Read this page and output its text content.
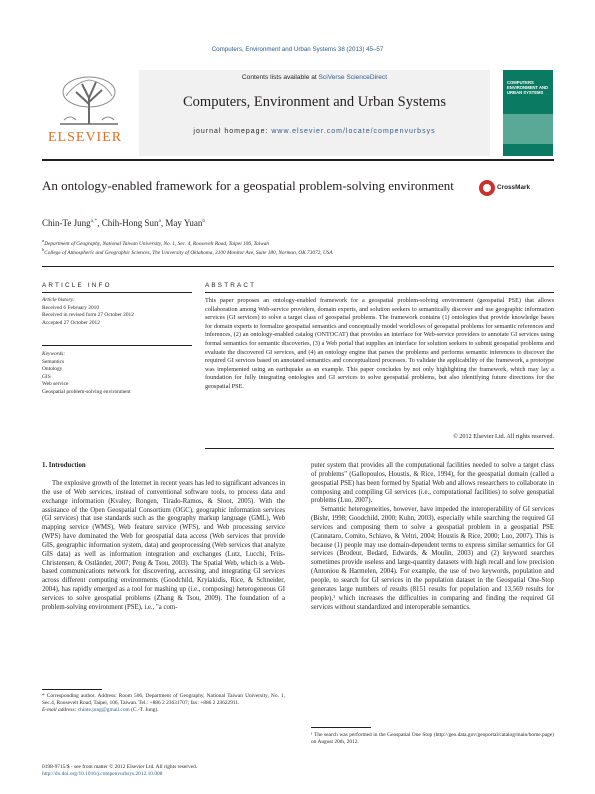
Computers, Environment and Urban Systems 38 (2013) 45–57
ELSEVIER
Contents lists available at SciVerse ScienceDirect
Computers, Environment and Urban Systems
journal homepage: www.elsevier.com/locate/compenvurbsys
COMPUTERS ENVIRONMENT AND URBAN SYSTEMS
An ontology-enabled framework for a geospatial problem-solving environment	CrossMark
Chin-Te Jung$^{a,*}$, Chih-Hong Sun$^a$, May Yuan$^b$
$^a$Department of Geography, National Taiwan University, No. 1, Sec. 4, Roosevelt Road, Taipei 106, Taiwan
$^b$College of Atmospheric and Geographic Sciences, The University of Oklahoma, 3100 Monitor Ave, Suite 180, Norman, OK 73072, USA
ARTICLE INFO	ABSTRACT
Article history:
Received 6 February 2010
Received in revised form 27 October 2012
Accepted 27 October 2012
Keywords:
Semantics
Ontology
GIS
Web service
Geospatial problem-solving environment
This paper proposes an ontology-enabled framework for a geospatial problem-solving environment (geospatial PSE) that allows collaboration among Web-service providers, domain experts, and solution seekers to semantically discover and use geographic information services (GI services) to solve a target class of geospatial problems. The framework contains (1) ontologies that provide knowledge bases for domain experts to formalize geospatial semantics and conceptually model workflows of geospatial problems for semantic references and inferences, (2) an ontology-enabled catalog (ONTOCAT) that provides an interface for Web-service providers to annotate GI services using formal semantics for semantic discoveries, (3) a Web portal that supplies an interface for solution seekers to submit geospatial problems and evaluate the discovered GI services, and (4) an ontology engine that parses the problems and performs semantic inferences to discover the required GI services based on annotated semantics and conceptualized processes. To validate the applicability of the framework, a prototype was implemented using an earthquake as an example. This paper concludes by not only highlighting the framework, which may lay a foundation for fully integrating ontologies and GI services to solve geospatial problems, but also identifying future directions for the geospatial PSE.
© 2012 Elsevier Ltd. All rights reserved.
1. Introduction

The explosive growth of the Internet in recent years has led to significant advances in the use of Web services, instead of conventional software tools, to process data and exchange information (Kvaley, Rongen, Tirado-Ramos, & Sloot, 2005). With the assistance of the Open Geospatial Consortium (OGC), geographic information services (GI services) that use standards such as the geography markup language (GML), Web mapping service (WMS), Web feature service (WFS), and Web processing service (WPS) have dominated the Web for geospatial data access (Web services that provide GIS, geographic information system, data) and geoprocessing (Web services that analyze GIS data) as well as information integration and exchanges (Lutz, Lucchi, Friis-Christensen, & Ostländer, 2007; Peng & Tsou, 2003). The Spatial Web, which is a Web-based communications network for discovering, accessing, and integrating GI services across different computing environments (Goodchild, Kryiakidis, Rice, & Schneider, 2004), has rapidly emerged as a tool for mashing up (i.e., composing) heterogeneous GI services to solve geospatial problems (Zhang & Tsou, 2009). The foundation of a problem-solving environment (PSE), i.e., "a com-

puter system that provides all the computational facilities needed to solve a target class of problems" (Gallopoulos, Houstis, & Rice, 1994), for the geospatial domain (called a geospatial PSE) has been formed by Spatial Web and allows researchers to collaborate in composing and compiling GI services (i.e., computational facilities) to solve geospatial problems (Luo, 2007).

Semantic heterogeneities, however, have impeded the interoperability of GI services (Bishr, 1998; Goodchild, 2000; Kuhn, 2003), especially while searching the required GI services and composing them to solve a geospatial problem in a geospatial PSE (Cannataro, Comito, Schiavo, & Veltri, 2004; Houstis & Rice, 2000; Luo, 2007). This is because (1) people may use domain-dependent terms to express similar semantics for GI services (Brodeur, Bedard, Edwards, & Moulin, 2003) and (2) keyword searches sometimes provide useless and large-quantity datasets with high recall and low precision (Antoniou & Harmelen, 2004). For example, the use of two keywords, population and people, to search for GI services in the population dataset in the Geospatial One-Stop generates large numbers of results (8151 results for population and 13,569 results for people),¹ which increases the difficulties in comparing and finding the required GI services without standardized and interoperable semantics.

* Corresponding author. Address: Room 506, Department of Geography, National Taiwan University, No. 1, Sec.4, Roosevelt Road, Taipei, 106, Taiwan. Tel.: +886 2 23631707; fax: +886 2 23622911.
E-mail address: chinte.jung@gmail.com (C.-T. Jung).
¹ The search was performed in the Geospatial One Stop (http://geo.data.gov/geoportal/catalog/main/home.page) on August 20th, 2012.
0198-9715/$ - see front matter © 2012 Elsevier Ltd. All rights reserved.
http://dx.doi.org/10.1016/j.compenvurbsys.2012.10.008
